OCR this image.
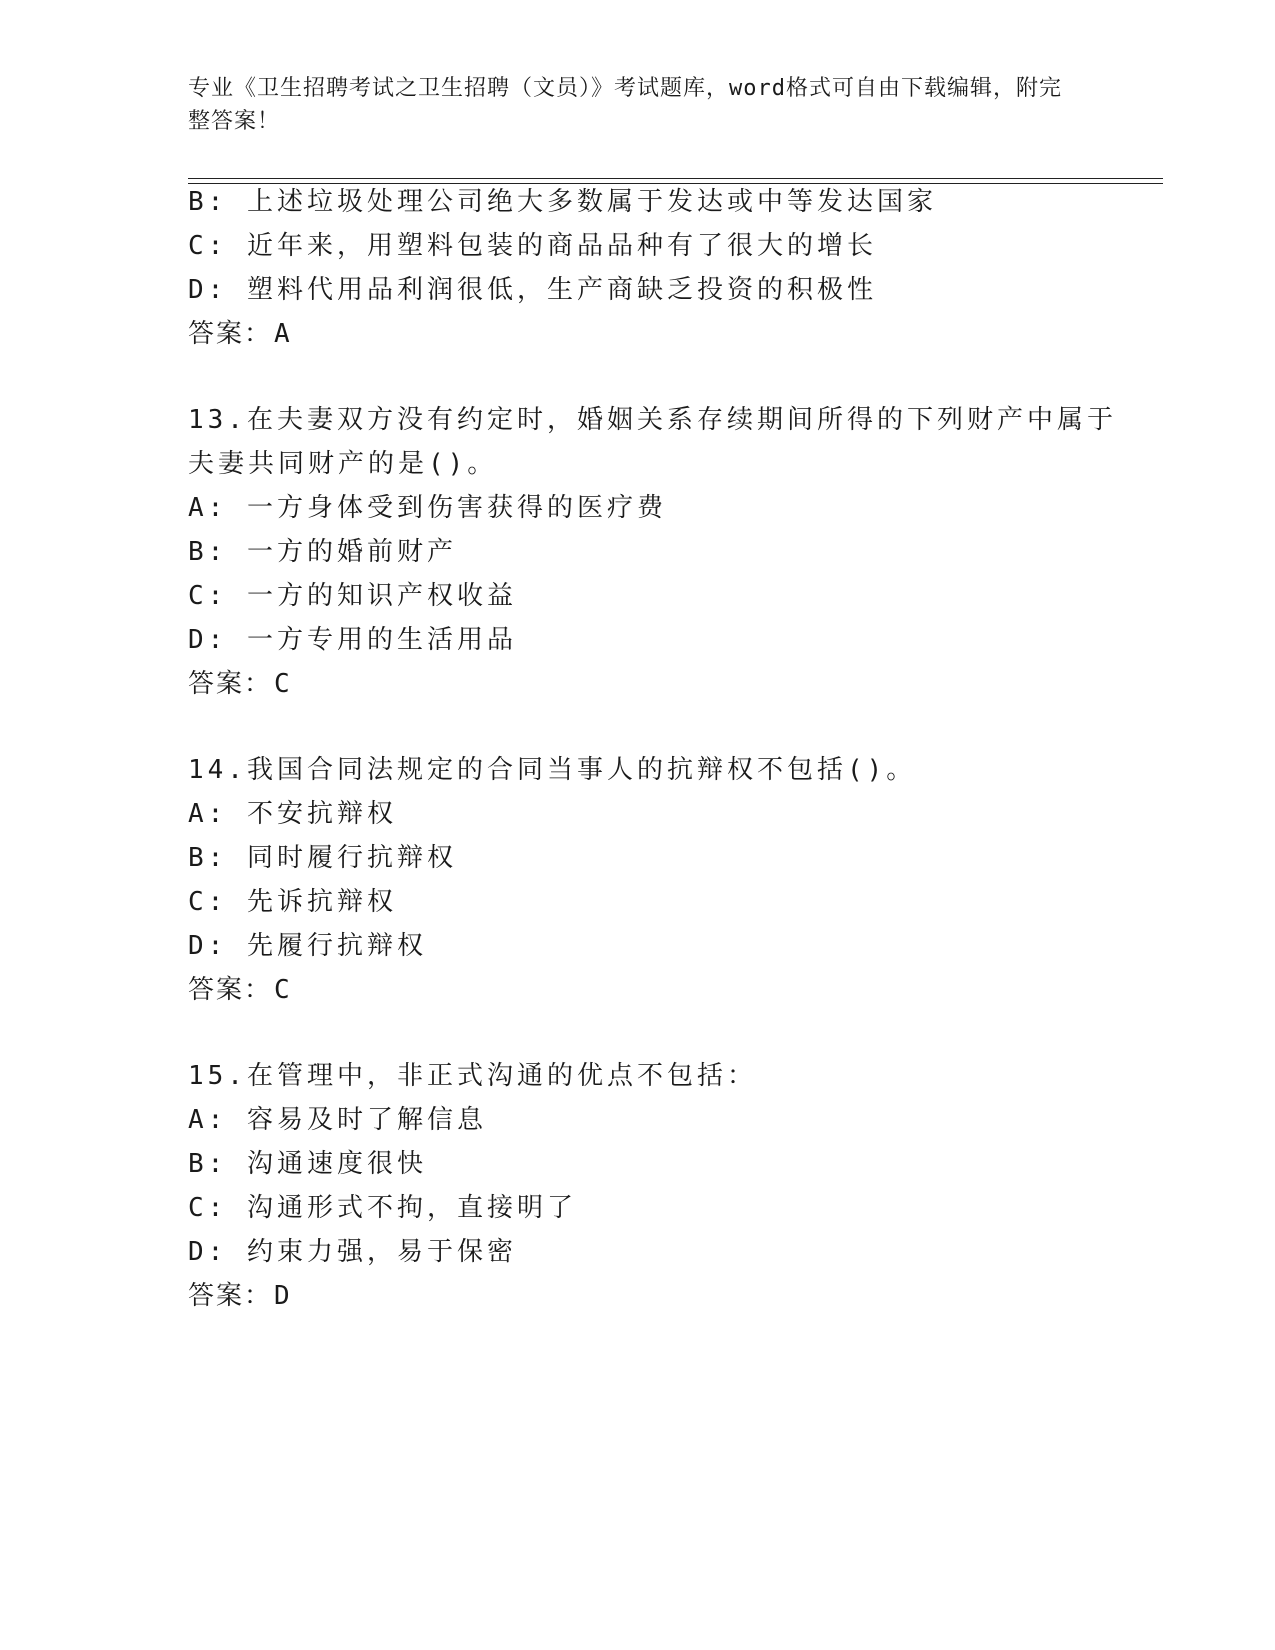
专业《卫生招聘考试之卫生招聘（文员）》考试题库，word格式可自由下载编辑，附完整答案！
B: 上述垃圾处理公司绝大多数属于发达或中等发达国家
C: 近年来，用塑料包装的商品品种有了很大的增长
D: 塑料代用品利润很低，生产商缺乏投资的积极性
答案：A
13.在夫妻双方没有约定时，婚姻关系存续期间所得的下列财产中属于
夫妻共同财产的是()。
A: 一方身体受到伤害获得的医疗费
B: 一方的婚前财产
C: 一方的知识产权收益
D: 一方专用的生活用品
答案：C
14.我国合同法规定的合同当事人的抗辩权不包括()。
A: 不安抗辩权
B: 同时履行抗辩权
C: 先诉抗辩权
D: 先履行抗辩权
答案：C
15.在管理中，非正式沟通的优点不包括：
A: 容易及时了解信息
B: 沟通速度很快
C: 沟通形式不拘，直接明了
D: 约束力强，易于保密
答案：D
